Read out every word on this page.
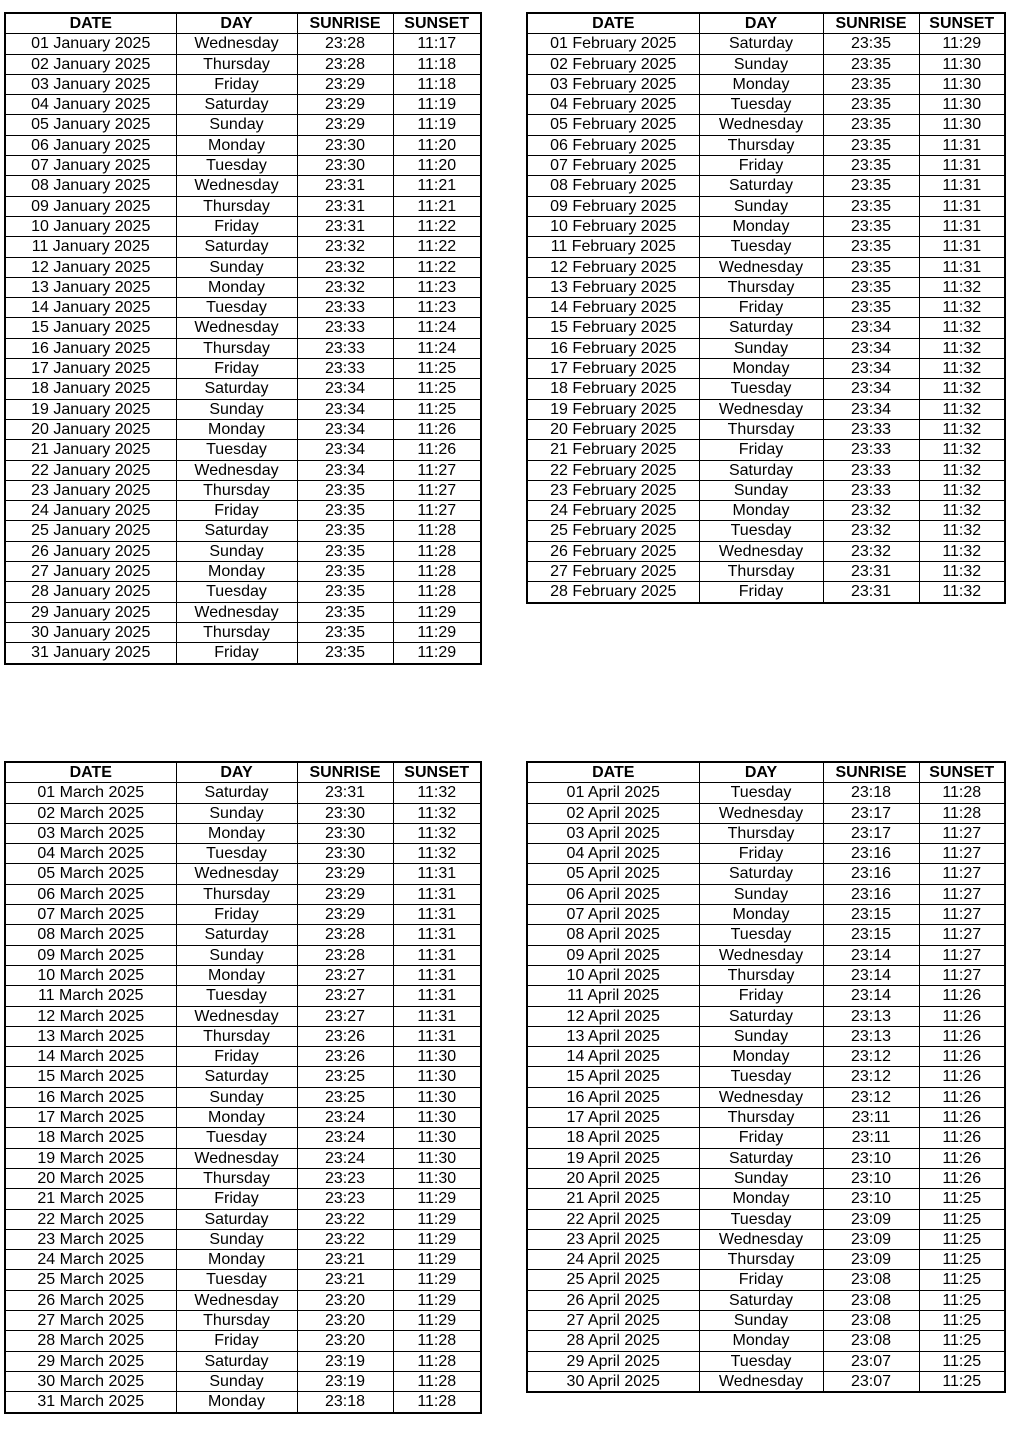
DATE	DAY	SUNRISE	SUNSET
01 January 2025	Wednesday	23:28	11:17
02 January 2025	Thursday	23:28	11:18
03 January 2025	Friday	23:29	11:18
04 January 2025	Saturday	23:29	11:19
05 January 2025	Sunday	23:29	11:19
06 January 2025	Monday	23:30	11:20
07 January 2025	Tuesday	23:30	11:20
08 January 2025	Wednesday	23:31	11:21
09 January 2025	Thursday	23:31	11:21
10 January 2025	Friday	23:31	11:22
11 January 2025	Saturday	23:32	11:22
12 January 2025	Sunday	23:32	11:22
13 January 2025	Monday	23:32	11:23
14 January 2025	Tuesday	23:33	11:23
15 January 2025	Wednesday	23:33	11:24
16 January 2025	Thursday	23:33	11:24
17 January 2025	Friday	23:33	11:25
18 January 2025	Saturday	23:34	11:25
19 January 2025	Sunday	23:34	11:25
20 January 2025	Monday	23:34	11:26
21 January 2025	Tuesday	23:34	11:26
22 January 2025	Wednesday	23:34	11:27
23 January 2025	Thursday	23:35	11:27
24 January 2025	Friday	23:35	11:27
25 January 2025	Saturday	23:35	11:28
26 January 2025	Sunday	23:35	11:28
27 January 2025	Monday	23:35	11:28
28 January 2025	Tuesday	23:35	11:28
29 January 2025	Wednesday	23:35	11:29
30 January 2025	Thursday	23:35	11:29
31 January 2025	Friday	23:35	11:29
DATE	DAY	SUNRISE	SUNSET
01 February 2025	Saturday	23:35	11:29
02 February 2025	Sunday	23:35	11:30
03 February 2025	Monday	23:35	11:30
04 February 2025	Tuesday	23:35	11:30
05 February 2025	Wednesday	23:35	11:30
06 February 2025	Thursday	23:35	11:31
07 February 2025	Friday	23:35	11:31
08 February 2025	Saturday	23:35	11:31
09 February 2025	Sunday	23:35	11:31
10 February 2025	Monday	23:35	11:31
11 February 2025	Tuesday	23:35	11:31
12 February 2025	Wednesday	23:35	11:31
13 February 2025	Thursday	23:35	11:32
14 February 2025	Friday	23:35	11:32
15 February 2025	Saturday	23:34	11:32
16 February 2025	Sunday	23:34	11:32
17 February 2025	Monday	23:34	11:32
18 February 2025	Tuesday	23:34	11:32
19 February 2025	Wednesday	23:34	11:32
20 February 2025	Thursday	23:33	11:32
21 February 2025	Friday	23:33	11:32
22 February 2025	Saturday	23:33	11:32
23 February 2025	Sunday	23:33	11:32
24 February 2025	Monday	23:32	11:32
25 February 2025	Tuesday	23:32	11:32
26 February 2025	Wednesday	23:32	11:32
27 February 2025	Thursday	23:31	11:32
28 February 2025	Friday	23:31	11:32
DATE	DAY	SUNRISE	SUNSET
01 March 2025	Saturday	23:31	11:32
02 March 2025	Sunday	23:30	11:32
03 March 2025	Monday	23:30	11:32
04 March 2025	Tuesday	23:30	11:32
05 March 2025	Wednesday	23:29	11:31
06 March 2025	Thursday	23:29	11:31
07 March 2025	Friday	23:29	11:31
08 March 2025	Saturday	23:28	11:31
09 March 2025	Sunday	23:28	11:31
10 March 2025	Monday	23:27	11:31
11 March 2025	Tuesday	23:27	11:31
12 March 2025	Wednesday	23:27	11:31
13 March 2025	Thursday	23:26	11:31
14 March 2025	Friday	23:26	11:30
15 March 2025	Saturday	23:25	11:30
16 March 2025	Sunday	23:25	11:30
17 March 2025	Monday	23:24	11:30
18 March 2025	Tuesday	23:24	11:30
19 March 2025	Wednesday	23:24	11:30
20 March 2025	Thursday	23:23	11:30
21 March 2025	Friday	23:23	11:29
22 March 2025	Saturday	23:22	11:29
23 March 2025	Sunday	23:22	11:29
24 March 2025	Monday	23:21	11:29
25 March 2025	Tuesday	23:21	11:29
26 March 2025	Wednesday	23:20	11:29
27 March 2025	Thursday	23:20	11:29
28 March 2025	Friday	23:20	11:28
29 March 2025	Saturday	23:19	11:28
30 March 2025	Sunday	23:19	11:28
31 March 2025	Monday	23:18	11:28
DATE	DAY	SUNRISE	SUNSET
01 April 2025	Tuesday	23:18	11:28
02 April 2025	Wednesday	23:17	11:28
03 April 2025	Thursday	23:17	11:27
04 April 2025	Friday	23:16	11:27
05 April 2025	Saturday	23:16	11:27
06 April 2025	Sunday	23:16	11:27
07 April 2025	Monday	23:15	11:27
08 April 2025	Tuesday	23:15	11:27
09 April 2025	Wednesday	23:14	11:27
10 April 2025	Thursday	23:14	11:27
11 April 2025	Friday	23:14	11:26
12 April 2025	Saturday	23:13	11:26
13 April 2025	Sunday	23:13	11:26
14 April 2025	Monday	23:12	11:26
15 April 2025	Tuesday	23:12	11:26
16 April 2025	Wednesday	23:12	11:26
17 April 2025	Thursday	23:11	11:26
18 April 2025	Friday	23:11	11:26
19 April 2025	Saturday	23:10	11:26
20 April 2025	Sunday	23:10	11:26
21 April 2025	Monday	23:10	11:25
22 April 2025	Tuesday	23:09	11:25
23 April 2025	Wednesday	23:09	11:25
24 April 2025	Thursday	23:09	11:25
25 April 2025	Friday	23:08	11:25
26 April 2025	Saturday	23:08	11:25
27 April 2025	Sunday	23:08	11:25
28 April 2025	Monday	23:08	11:25
29 April 2025	Tuesday	23:07	11:25
30 April 2025	Wednesday	23:07	11:25
